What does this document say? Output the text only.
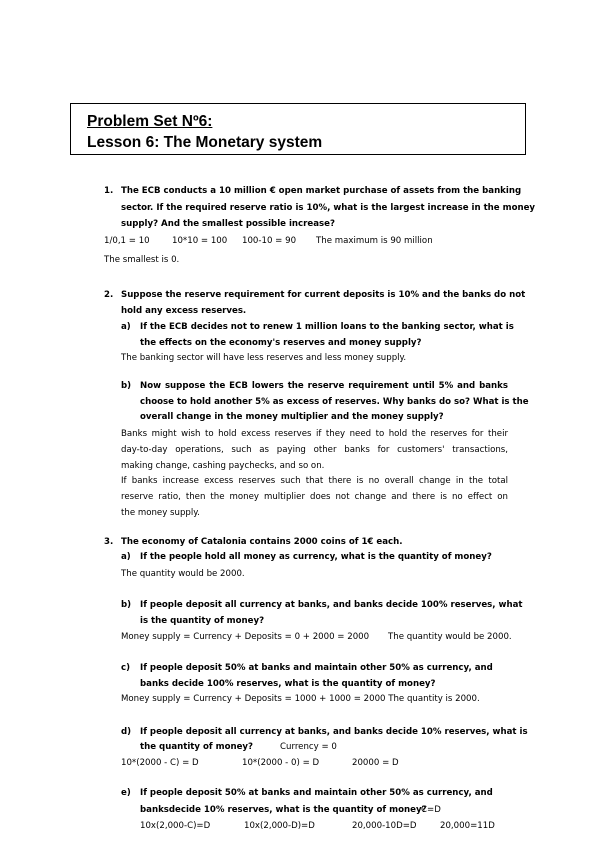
Problem Set Nº6:
Lesson 6: The Monetary system
1. The ECB conducts a 10 million € open market purchase of assets from the banking
sector. If the required reserve ratio is 10%, what is the largest increase in the money
supply? And the smallest possible increase?
1/0,1 = 10	10*10 = 100 100-10 = 90 The maximum is 90 million
The smallest is 0.
2. Suppose the reserve requirement for current deposits is 10% and the banks do not
hold any excess reserves.
a) If the ECB decides not to renew 1 million loans to the banking sector, what is
the effects on the economy's reserves and money supply?
The banking sector will have less reserves and less money supply.
b) Now suppose the ECB lowers the reserve requirement until 5% and banks
choose to hold another 5% as excess of reserves. Why banks do so? What is the
overall change in the money multiplier and the money supply?
Banks might wish to hold excess reserves if they need to hold the reserves for their
day-to-day operations, such as paying other banks for customers' transactions,
making change, cashing paychecks, and so on.
If banks increase excess reserves such that there is no overall change in the total
reserve ratio, then the money multiplier does not change and there is no effect on
the money supply.
3. The economy of Catalonia contains 2000 coins of 1€ each.
a) If the people hold all money as currency, what is the quantity of money?
The quantity would be 2000.
b) If people deposit all currency at banks, and banks decide 100% reserves, what
is the quantity of money?
Money supply = Currency + Deposits = 0 + 2000 = 2000 The quantity would be 2000.
c) If people deposit 50% at banks and maintain other 50% as currency, and
banks decide 100% reserves, what is the quantity of money?
Money supply = Currency + Deposits = 1000 + 1000 = 2000 The quantity is 2000.
d) If people deposit all currency at banks, and banks decide 10% reserves, what is
the quantity of money?	Currency = 0
10*(2000 - C) = D	10*(2000 - 0) = D	20000 = D
e) If people deposit 50% at banks and maintain other 50% as currency, and
banksdecide 10% reserves, what is the quantity of money?
C=D
10x(2,000-C)=D	10x(2,000-D)=D	20,000-10D=D	20,000=11D
